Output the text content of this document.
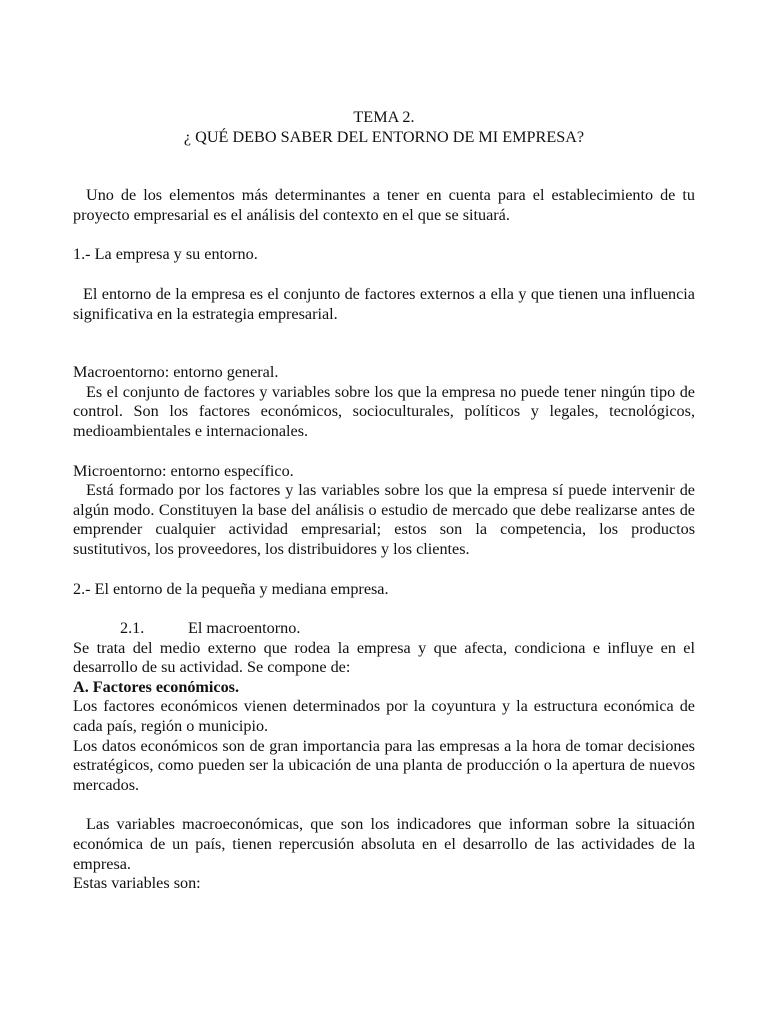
TEMA 2.

¿ QUÉ DEBO SABER DEL ENTORNO DE MI EMPRESA?

Uno de los elementos más determinantes a tener en cuenta para el establecimiento de tu proyecto empresarial es el análisis del contexto en el que se situará.

1.- La empresa y su entorno.

El entorno de la empresa es el conjunto de factores externos a ella y que tienen una influencia significativa en la estrategia empresarial.

Macroentorno: entorno general.

Es el conjunto de factores y variables sobre los que la empresa no puede tener ningún tipo de control. Son los factores económicos, socioculturales, políticos y legales, tecnológicos, medioambientales e internacionales.

Microentorno: entorno específico.

Está formado por los factores y las variables sobre los que la empresa sí puede intervenir de algún modo. Constituyen la base del análisis o estudio de mercado que debe realizarse antes de emprender cualquier actividad empresarial; estos son la competencia, los productos sustitutivos, los proveedores, los distribuidores y los clientes.

2.- El entorno de la pequeña y mediana empresa.

2.1.	El macroentorno.

Se trata del medio externo que rodea la empresa y que afecta, condiciona e influye en el desarrollo de su actividad. Se compone de:

A. Factores económicos.

Los factores económicos vienen determinados por la coyuntura y la estructura económica de cada país, región o municipio.

Los datos económicos son de gran importancia para las empresas a la hora de tomar decisiones estratégicos, como pueden ser la ubicación de una planta de producción o la apertura de nuevos mercados.

Las variables macroeconómicas, que son los indicadores que informan sobre la situación económica de un país, tienen repercusión absoluta en el desarrollo de las actividades de la empresa.

Estas variables son:
